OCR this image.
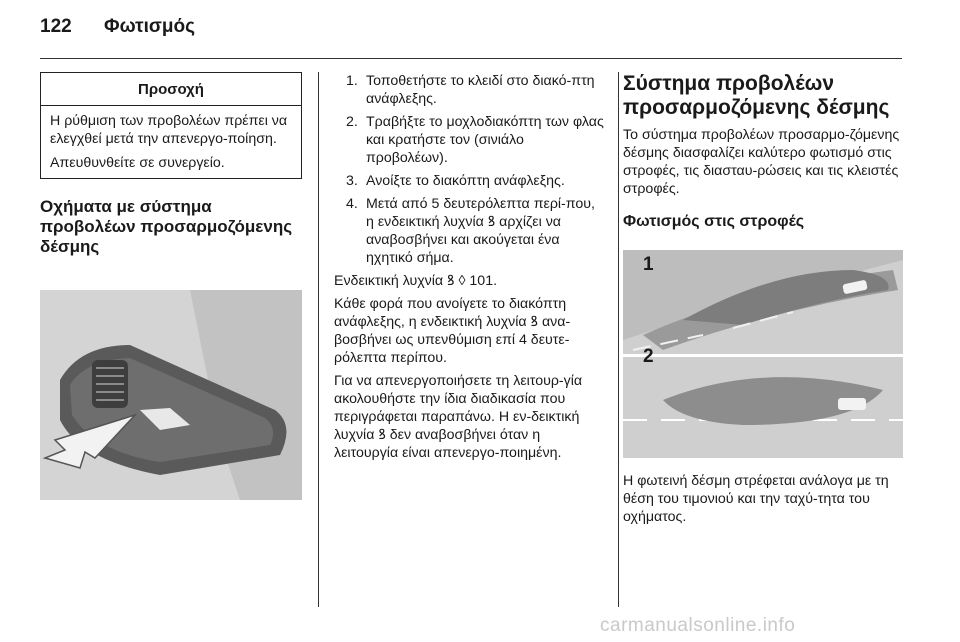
122 Φωτισμός
Προσοχή

Η ρύθμιση των προβολέων πρέπει να ελεγχθεί μετά την απενεργο-ποίηση.

Απευθυνθείτε σε συνεργείο.

Οχήματα με σύστημα προβολέων προσαρμοζόμενης δέσμης
1. Τοποθετήστε το κλειδί στο διακό-πτη ανάφλεξης.
2. Τραβήξτε το μοχλοδιακόπτη των φλας και κρατήστε τον (σινιάλο προβολέων).
3. Ανοίξτε το διακόπτη ανάφλεξης.
4. Μετά από 5 δευτερόλεπτα περί-που, η ενδεικτική λυχνία ꝸ αρχίζει να αναβοσβήνει και ακούγεται ένα ηχητικό σήμα.

Ενδεικτική λυχνία ꝸ ◊ 101.

Κάθε φορά που ανοίγετε το διακόπτη ανάφλεξης, η ενδεικτική λυχνία ꝸ ανα-βοσβήνει ως υπενθύμιση επί 4 δευτε-ρόλεπτα περίπου.

Για να απενεργοποιήσετε τη λειτουρ-γία ακολουθήστε την ίδια διαδικασία που περιγράφεται παραπάνω. Η εν-δεικτική λυχνία ꝸ δεν αναβοσβήνει όταν η λειτουργία είναι απενεργο-ποιημένη.

Σύστημα προβολέων προσαρμοζόμενης δέσμης

Το σύστημα προβολέων προσαρμο-ζόμενης δέσμης διασφαλίζει καλύτερο φωτισμό στις στροφές, τις διασταυ-ρώσεις και τις κλειστές στροφές.

Φωτισμός στις στροφές
1
2

Η φωτεινή δέσμη στρέφεται ανάλογα με τη θέση του τιμονιού και την ταχύ-τητα του οχήματος.

carmanualsonline.info
